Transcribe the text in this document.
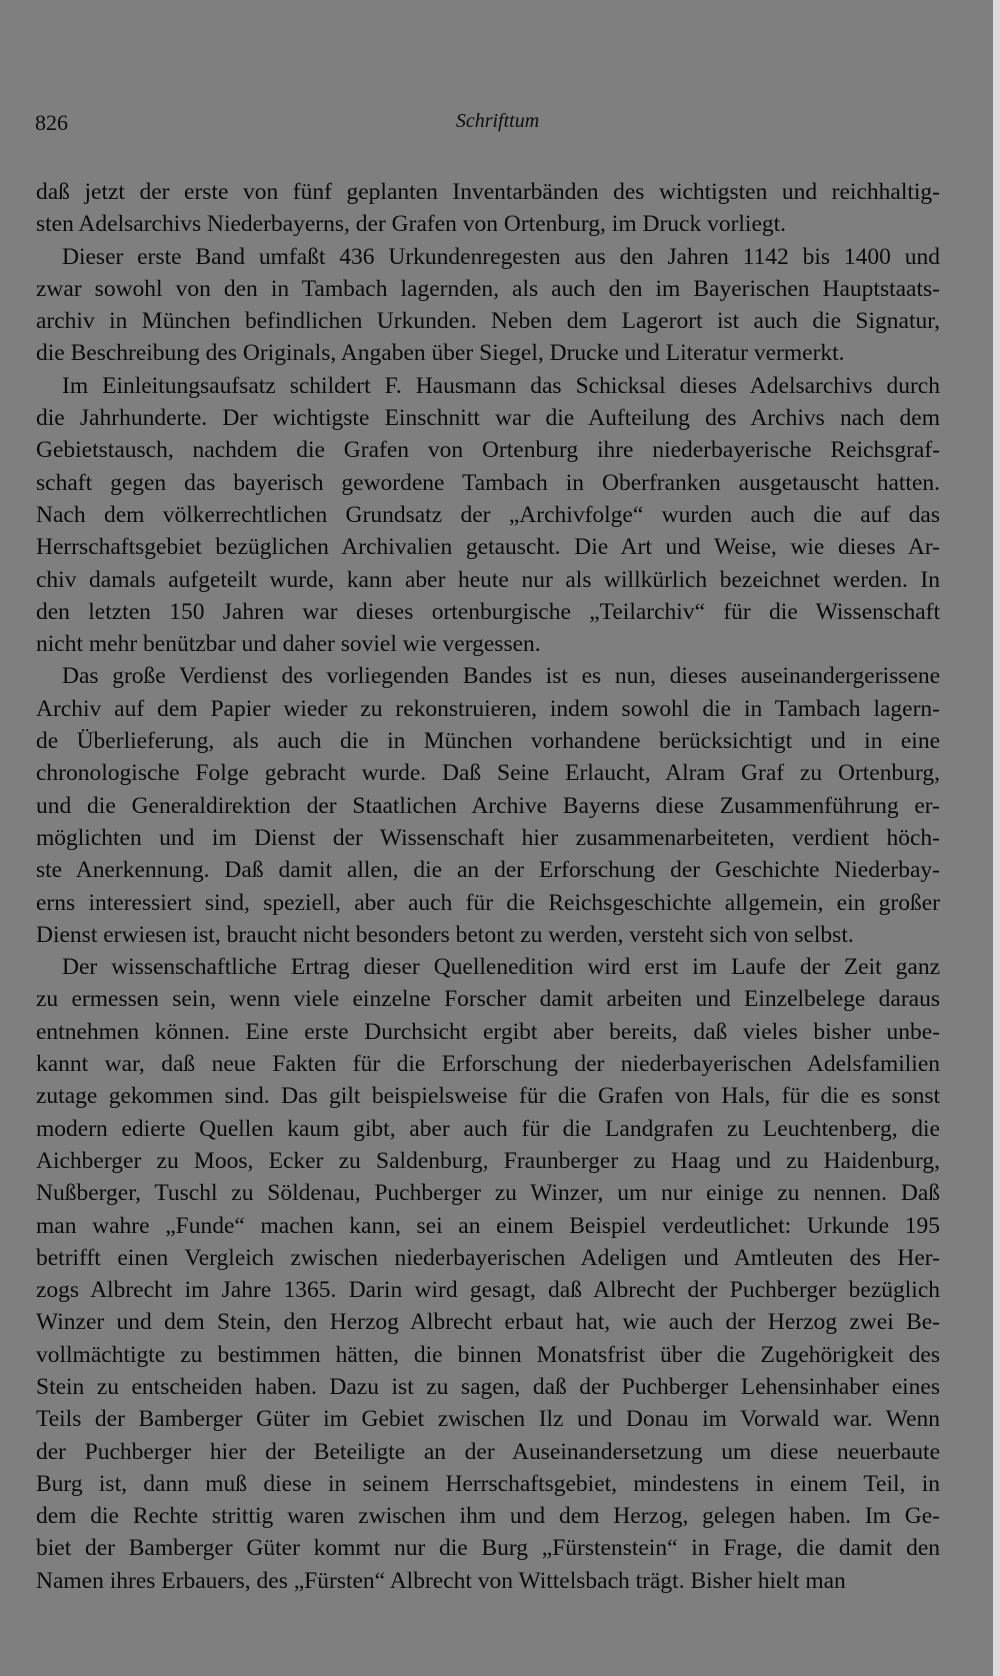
826	Schrifttum
daß jetzt der erste von fünf geplanten Inventarbänden des wichtigsten und reichhaltig-
sten Adelsarchivs Niederbayerns, der Grafen von Ortenburg, im Druck vorliegt.
Dieser erste Band umfaßt 436 Urkundenregesten aus den Jahren 1142 bis 1400 und
zwar sowohl von den in Tambach lagernden, als auch den im Bayerischen Hauptstaats-
archiv in München befindlichen Urkunden. Neben dem Lagerort ist auch die Signatur,
die Beschreibung des Originals, Angaben über Siegel, Drucke und Literatur vermerkt.
Im Einleitungsaufsatz schildert F. Hausmann das Schicksal dieses Adelsarchivs durch
die Jahrhunderte. Der wichtigste Einschnitt war die Aufteilung des Archivs nach dem
Gebietstausch, nachdem die Grafen von Ortenburg ihre niederbayerische Reichsgraf-
schaft gegen das bayerisch gewordene Tambach in Oberfranken ausgetauscht hatten.
Nach dem völkerrechtlichen Grundsatz der „Archivfolge“ wurden auch die auf das
Herrschaftsgebiet bezüglichen Archivalien getauscht. Die Art und Weise, wie dieses Ar-
chiv damals aufgeteilt wurde, kann aber heute nur als willkürlich bezeichnet werden. In
den letzten 150 Jahren war dieses ortenburgische „Teilarchiv“ für die Wissenschaft
nicht mehr benützbar und daher soviel wie vergessen.
Das große Verdienst des vorliegenden Bandes ist es nun, dieses auseinandergerissene
Archiv auf dem Papier wieder zu rekonstruieren, indem sowohl die in Tambach lagern-
de Überlieferung, als auch die in München vorhandene berücksichtigt und in eine
chronologische Folge gebracht wurde. Daß Seine Erlaucht, Alram Graf zu Ortenburg,
und die Generaldirektion der Staatlichen Archive Bayerns diese Zusammenführung er-
möglichten und im Dienst der Wissenschaft hier zusammenarbeiteten, verdient höch-
ste Anerkennung. Daß damit allen, die an der Erforschung der Geschichte Niederbay-
erns interessiert sind, speziell, aber auch für die Reichsgeschichte allgemein, ein großer
Dienst erwiesen ist, braucht nicht besonders betont zu werden, versteht sich von selbst.
Der wissenschaftliche Ertrag dieser Quellenedition wird erst im Laufe der Zeit ganz
zu ermessen sein, wenn viele einzelne Forscher damit arbeiten und Einzelbelege daraus
entnehmen können. Eine erste Durchsicht ergibt aber bereits, daß vieles bisher unbe-
kannt war, daß neue Fakten für die Erforschung der niederbayerischen Adelsfamilien
zutage gekommen sind. Das gilt beispielsweise für die Grafen von Hals, für die es sonst
modern edierte Quellen kaum gibt, aber auch für die Landgrafen zu Leuchtenberg, die
Aichberger zu Moos, Ecker zu Saldenburg, Fraunberger zu Haag und zu Haidenburg,
Nußberger, Tuschl zu Söldenau, Puchberger zu Winzer, um nur einige zu nennen. Daß
man wahre „Funde“ machen kann, sei an einem Beispiel verdeutlichet: Urkunde 195
betrifft einen Vergleich zwischen niederbayerischen Adeligen und Amtleuten des Her-
zogs Albrecht im Jahre 1365. Darin wird gesagt, daß Albrecht der Puchberger bezüglich
Winzer und dem Stein, den Herzog Albrecht erbaut hat, wie auch der Herzog zwei Be-
vollmächtigte zu bestimmen hätten, die binnen Monatsfrist über die Zugehörigkeit des
Stein zu entscheiden haben. Dazu ist zu sagen, daß der Puchberger Lehensinhaber eines
Teils der Bamberger Güter im Gebiet zwischen Ilz und Donau im Vorwald war. Wenn
der Puchberger hier der Beteiligte an der Auseinandersetzung um diese neuerbaute
Burg ist, dann muß diese in seinem Herrschaftsgebiet, mindestens in einem Teil, in
dem die Rechte strittig waren zwischen ihm und dem Herzog, gelegen haben. Im Ge-
biet der Bamberger Güter kommt nur die Burg „Fürstenstein“ in Frage, die damit den
Namen ihres Erbauers, des „Fürsten“ Albrecht von Wittelsbach trägt. Bisher hielt man
